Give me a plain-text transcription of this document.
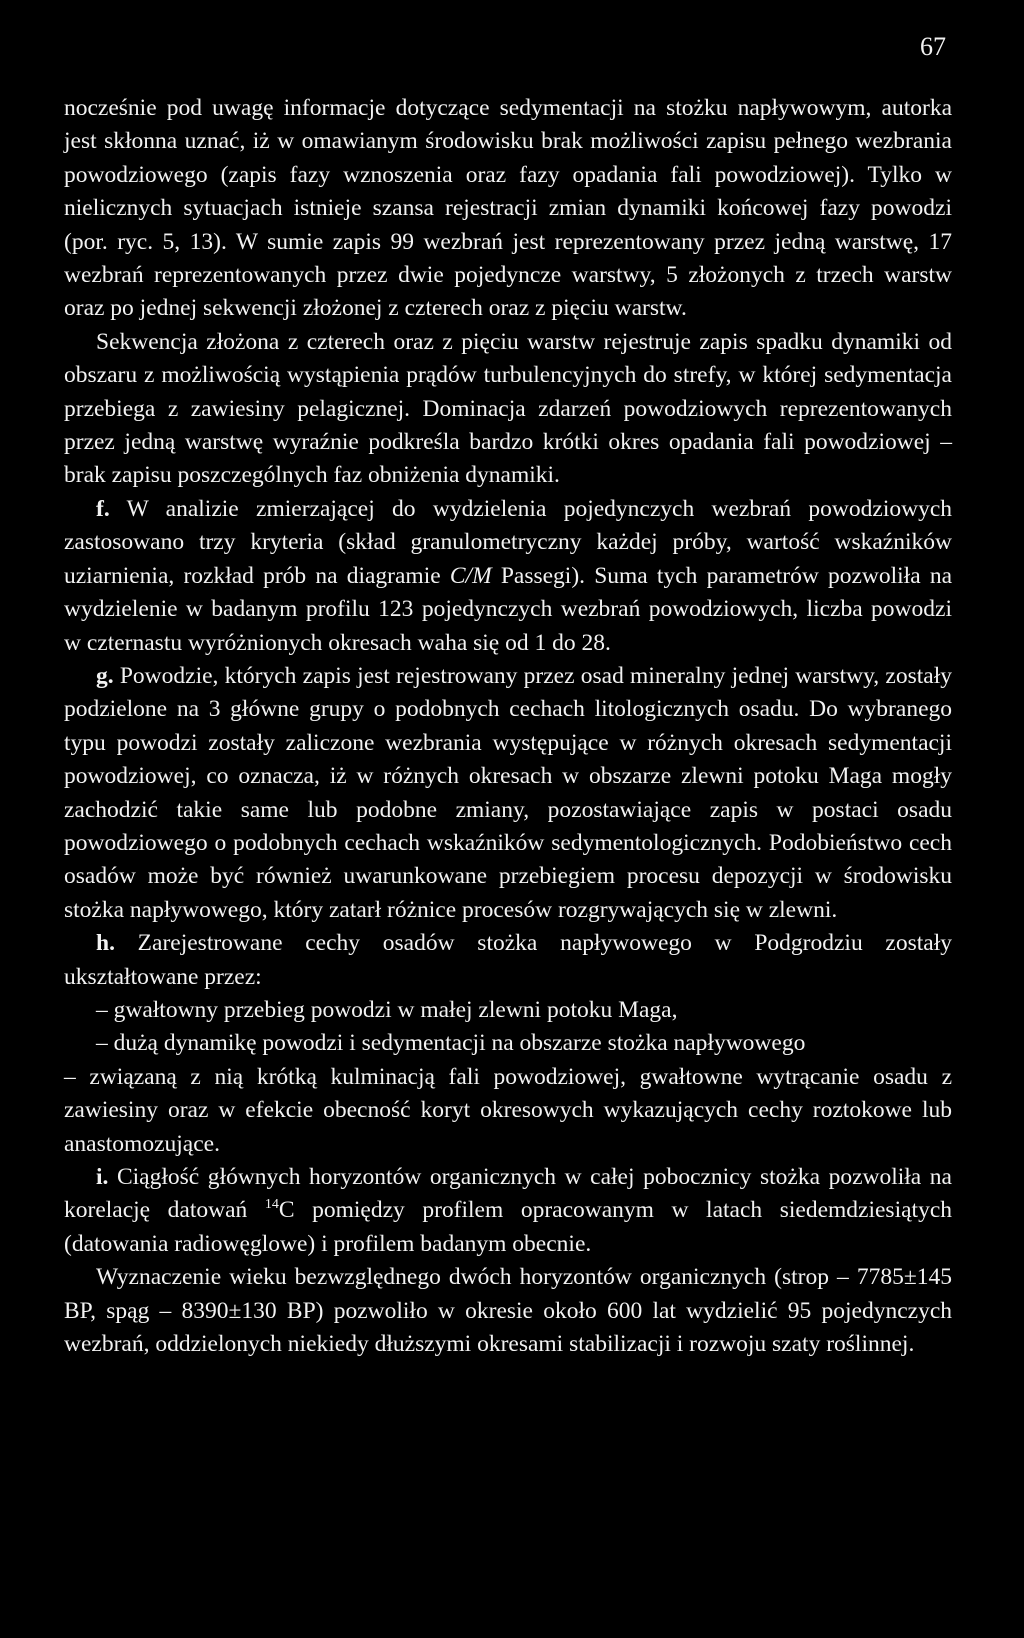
67

nocześnie pod uwagę informacje dotyczące sedymentacji na stożku napływowym, autorka jest skłonna uznać, iż w omawianym środowisku brak możliwości zapisu pełnego wezbrania powodziowego (zapis fazy wznoszenia oraz fazy opadania fali powodziowej). Tylko w nielicznych sytuacjach istnieje szansa rejestracji zmian dynamiki końcowej fazy powodzi (por. ryc. 5, 13). W sumie zapis 99 wezbrań jest reprezentowany przez jedną warstwę, 17 wezbrań reprezentowanych przez dwie pojedyncze warstwy, 5 złożonych z trzech warstw oraz po jednej sekwencji złożonej z czterech oraz z pięciu warstw.

Sekwencja złożona z czterech oraz z pięciu warstw rejestruje zapis spadku dynamiki od obszaru z możliwością wystąpienia prądów turbulencyjnych do strefy, w której sedymentacja przebiega z zawiesiny pelagicznej. Dominacja zdarzeń powodziowych reprezentowanych przez jedną warstwę wyraźnie podkreśla bardzo krótki okres opadania fali powodziowej – brak zapisu poszczególnych faz obniżenia dynamiki.

f. W analizie zmierzającej do wydzielenia pojedynczych wezbrań powodziowych zastosowano trzy kryteria (skład granulometryczny każdej próby, wartość wskaźników uziarnienia, rozkład prób na diagramie C/M Passegi). Suma tych parametrów pozwoliła na wydzielenie w badanym profilu 123 pojedynczych wezbrań powodziowych, liczba powodzi w czternastu wyróżnionych okresach waha się od 1 do 28.

g. Powodzie, których zapis jest rejestrowany przez osad mineralny jednej warstwy, zostały podzielone na 3 główne grupy o podobnych cechach litologicznych osadu. Do wybranego typu powodzi zostały zaliczone wezbrania występujące w różnych okresach sedymentacji powodziowej, co oznacza, iż w różnych okresach w obszarze zlewni potoku Maga mogły zachodzić takie same lub podobne zmiany, pozostawiające zapis w postaci osadu powodziowego o podobnych cechach wskaźników sedymentologicznych. Podobieństwo cech osadów może być również uwarunkowane przebiegiem procesu depozycji w środowisku stożka napływowego, który zatarł różnice procesów rozgrywających się w zlewni.

h. Zarejestrowane cechy osadów stożka napływowego w Podgrodziu zostały ukształtowane przez:

– gwałtowny przebieg powodzi w małej zlewni potoku Maga,

– dużą dynamikę powodzi i sedymentacji na obszarze stożka napływowego

– związaną z nią krótką kulminacją fali powodziowej, gwałtowne wytrącanie osadu z zawiesiny oraz w efekcie obecność koryt okresowych wykazujących cechy roztokowe lub anastomozujące.

i. Ciągłość głównych horyzontów organicznych w całej pobocznicy stożka pozwoliła na korelację datowań $^{14}$C pomiędzy profilem opracowanym w latach siedemdziesiątych (datowania radiowęglowe) i profilem badanym obecnie.

Wyznaczenie wieku bezwzględnego dwóch horyzontów organicznych (strop – 7785±145 BP, spąg – 8390±130 BP) pozwoliło w okresie około 600 lat wydzielić 95 pojedynczych wezbrań, oddzielonych niekiedy dłuższymi okresami stabilizacji i rozwoju szaty roślinnej.
